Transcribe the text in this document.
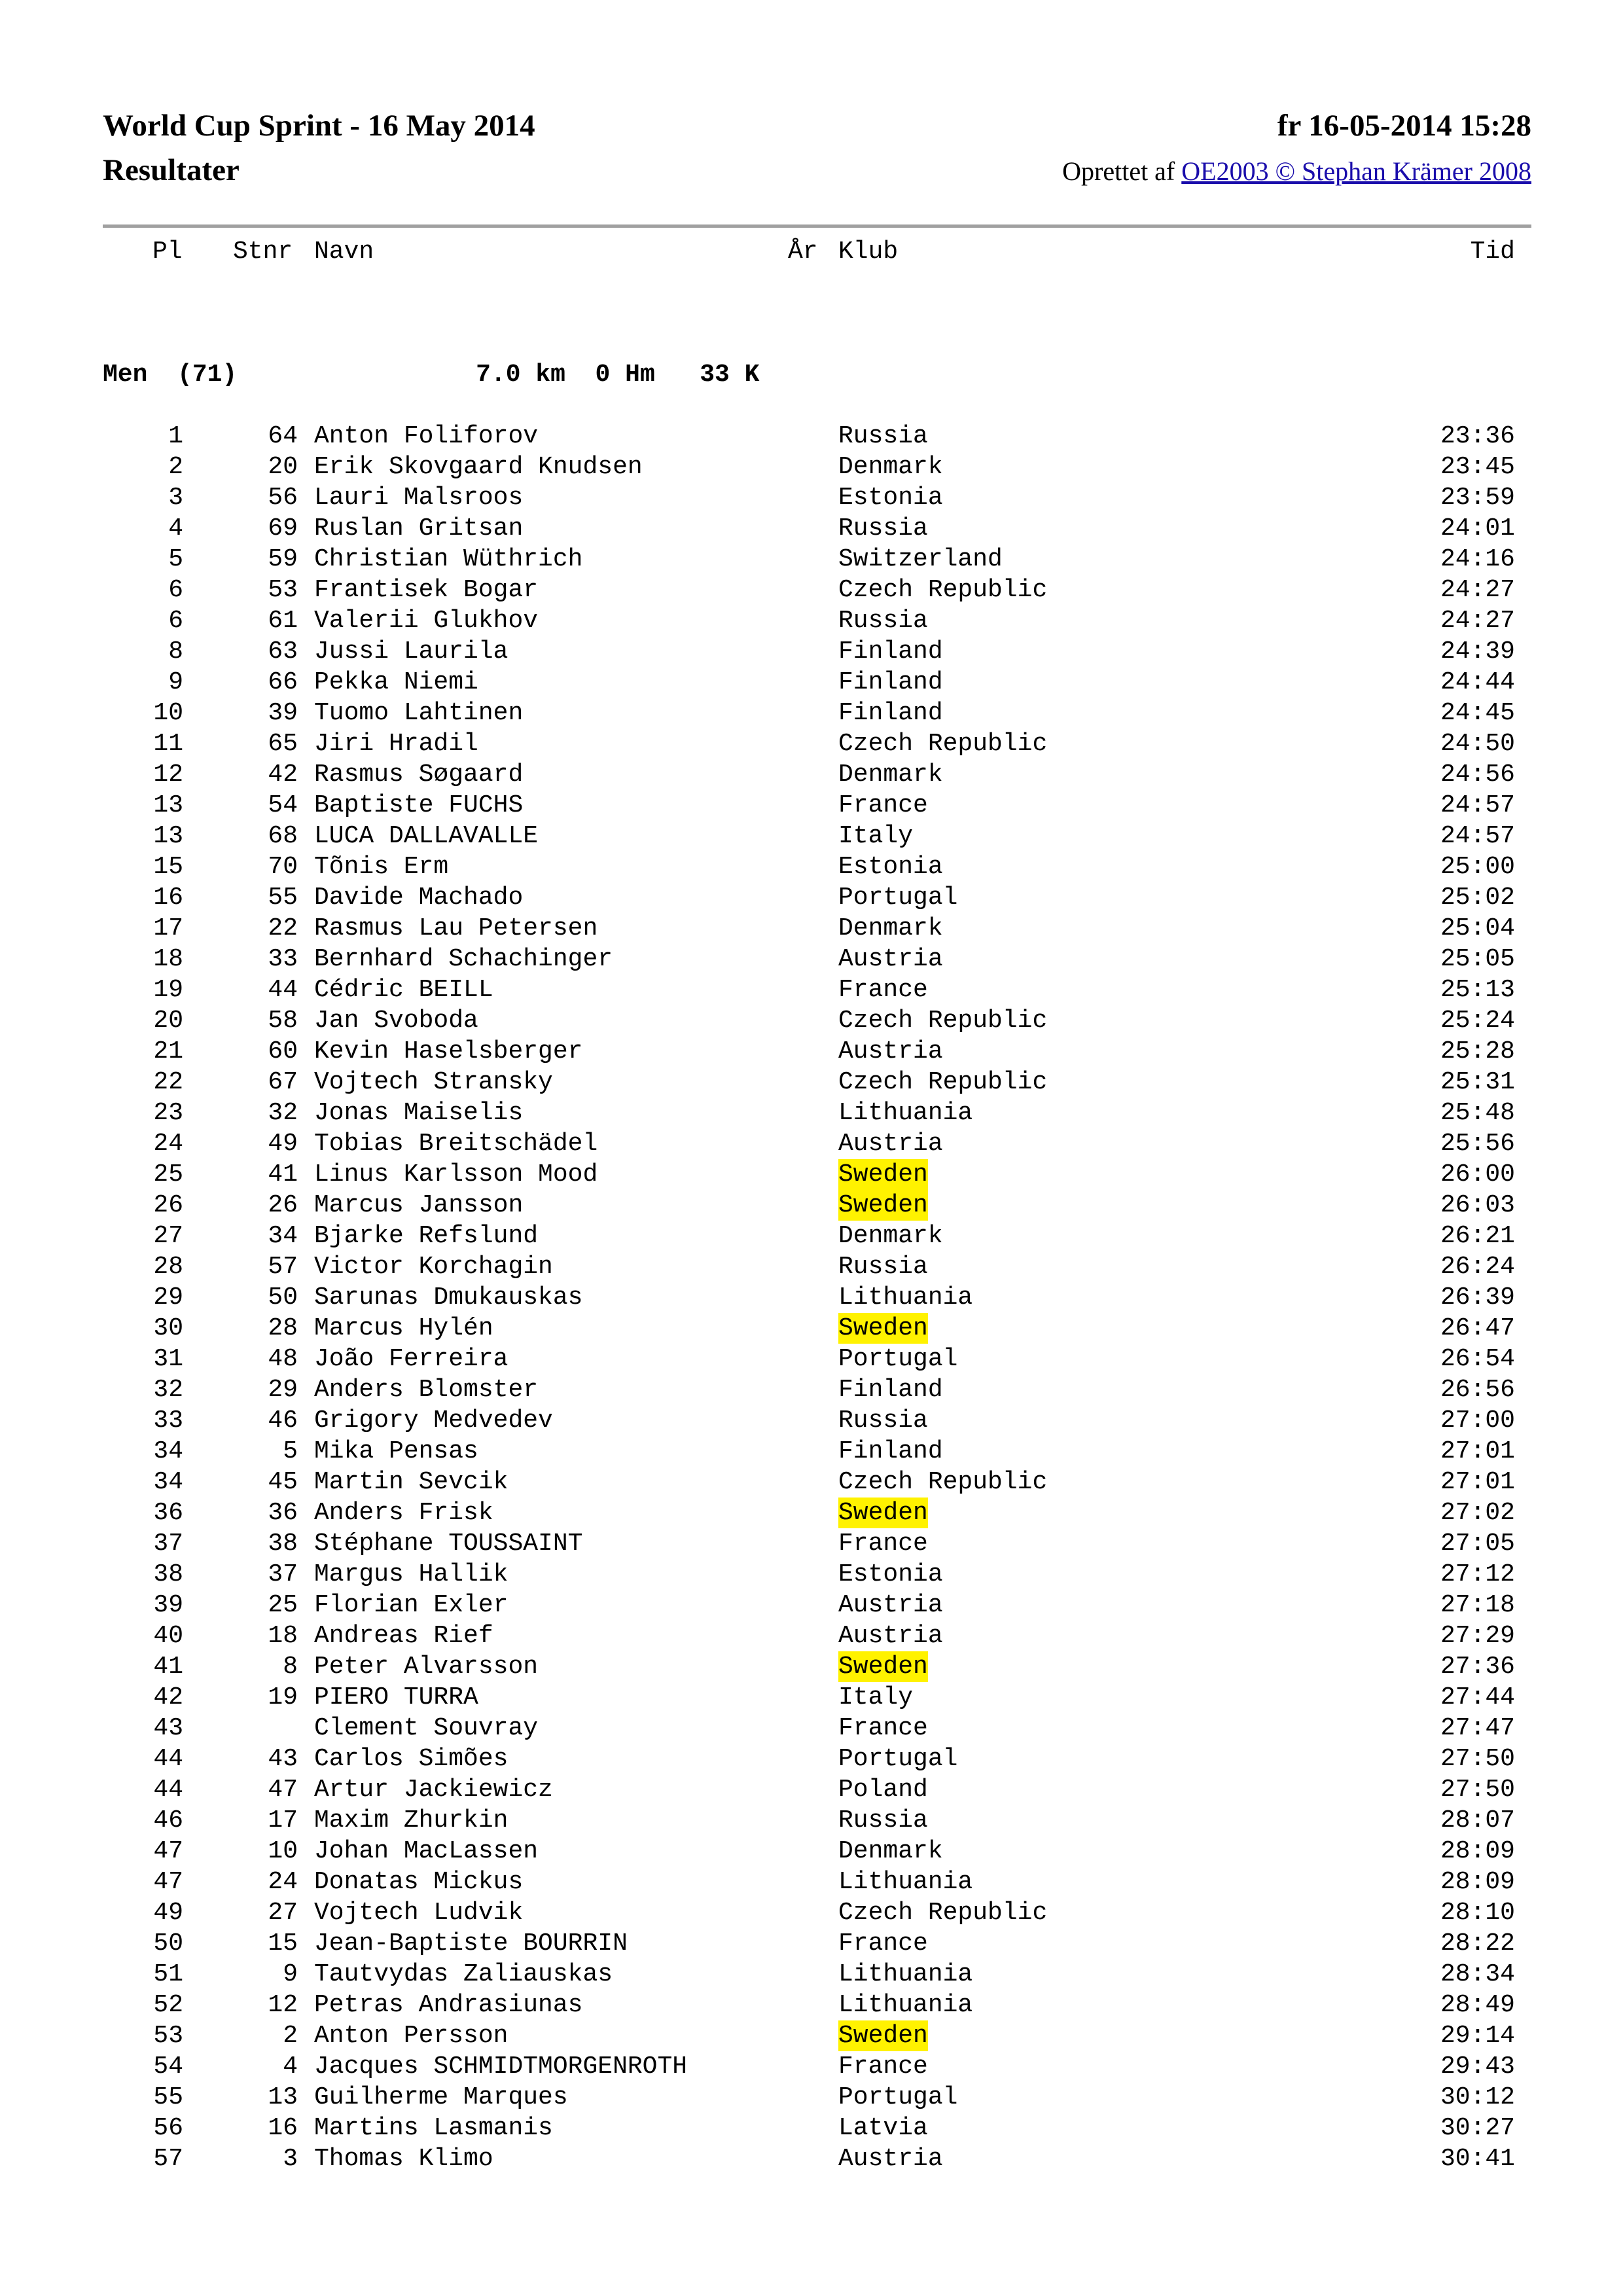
World Cup Sprint - 16 May 2014	fr 16-05-2014 15:28
Resultater	Oprettet af OE2003 © Stephan Krämer 2008
Pl Stnr Navn	År Klub	Tid
Men (71)	7.0 km 0 Hm 33 K
1	64 Anton Foliforov	Russia	23:36
2	20 Erik Skovgaard Knudsen	Denmark	23:45
3	56 Lauri Malsroos	Estonia	23:59
4	69 Ruslan Gritsan	Russia	24:01
5	59 Christian Wüthrich	Switzerland	24:16
6	53 Frantisek Bogar	Czech Republic	24:27
6	61 Valerii Glukhov	Russia	24:27
8	63 Jussi Laurila	Finland	24:39
9	66 Pekka Niemi	Finland	24:44
10	39 Tuomo Lahtinen	Finland	24:45
11	65 Jiri Hradil	Czech Republic	24:50
12	42 Rasmus Søgaard	Denmark	24:56
13	54 Baptiste FUCHS	France	24:57
13	68 LUCA DALLAVALLE	Italy	24:57
15	70 Tõnis Erm	Estonia	25:00
16	55 Davide Machado	Portugal	25:02
17	22 Rasmus Lau Petersen	Denmark	25:04
18	33 Bernhard Schachinger	Austria	25:05
19	44 Cédric BEILL	France	25:13
20	58 Jan Svoboda	Czech Republic	25:24
21	60 Kevin Haselsberger	Austria	25:28
22	67 Vojtech Stransky	Czech Republic	25:31
23	32 Jonas Maiselis	Lithuania	25:48
24	49 Tobias Breitschädel	Austria	25:56
25	41 Linus Karlsson Mood	Sweden	26:00
26	26 Marcus Jansson	Sweden	26:03
27	34 Bjarke Refslund	Denmark	26:21
28	57 Victor Korchagin	Russia	26:24
29	50 Sarunas Dmukauskas	Lithuania	26:39
30	28 Marcus Hylén	Sweden	26:47
31	48 João Ferreira	Portugal	26:54
32	29 Anders Blomster	Finland	26:56
33	46 Grigory Medvedev	Russia	27:00
34	5 Mika Pensas	Finland	27:01
34	45 Martin Sevcik	Czech Republic	27:01
36	36 Anders Frisk	Sweden	27:02
37	38 Stéphane TOUSSAINT	France	27:05
38	37 Margus Hallik	Estonia	27:12
39	25 Florian Exler	Austria	27:18
40	18 Andreas Rief	Austria	27:29
41	8 Peter Alvarsson	Sweden	27:36
42	19 PIERO TURRA	Italy	27:44
43	Clement Souvray	France	27:47
44	43 Carlos Simões	Portugal	27:50
44	47 Artur Jackiewicz	Poland	27:50
46	17 Maxim Zhurkin	Russia	28:07
47	10 Johan MacLassen	Denmark	28:09
47	24 Donatas Mickus	Lithuania	28:09
49	27 Vojtech Ludvik	Czech Republic	28:10
50	15 Jean-Baptiste BOURRIN	France	28:22
51	9 Tautvydas Zaliauskas	Lithuania	28:34
52	12 Petras Andrasiunas	Lithuania	28:49
53	2 Anton Persson	Sweden	29:14
54	4 Jacques SCHMIDTMORGENROTH	France	29:43
55	13 Guilherme Marques	Portugal	30:12
56	16 Martins Lasmanis	Latvia	30:27
57	3 Thomas Klimo	Austria	30:41
